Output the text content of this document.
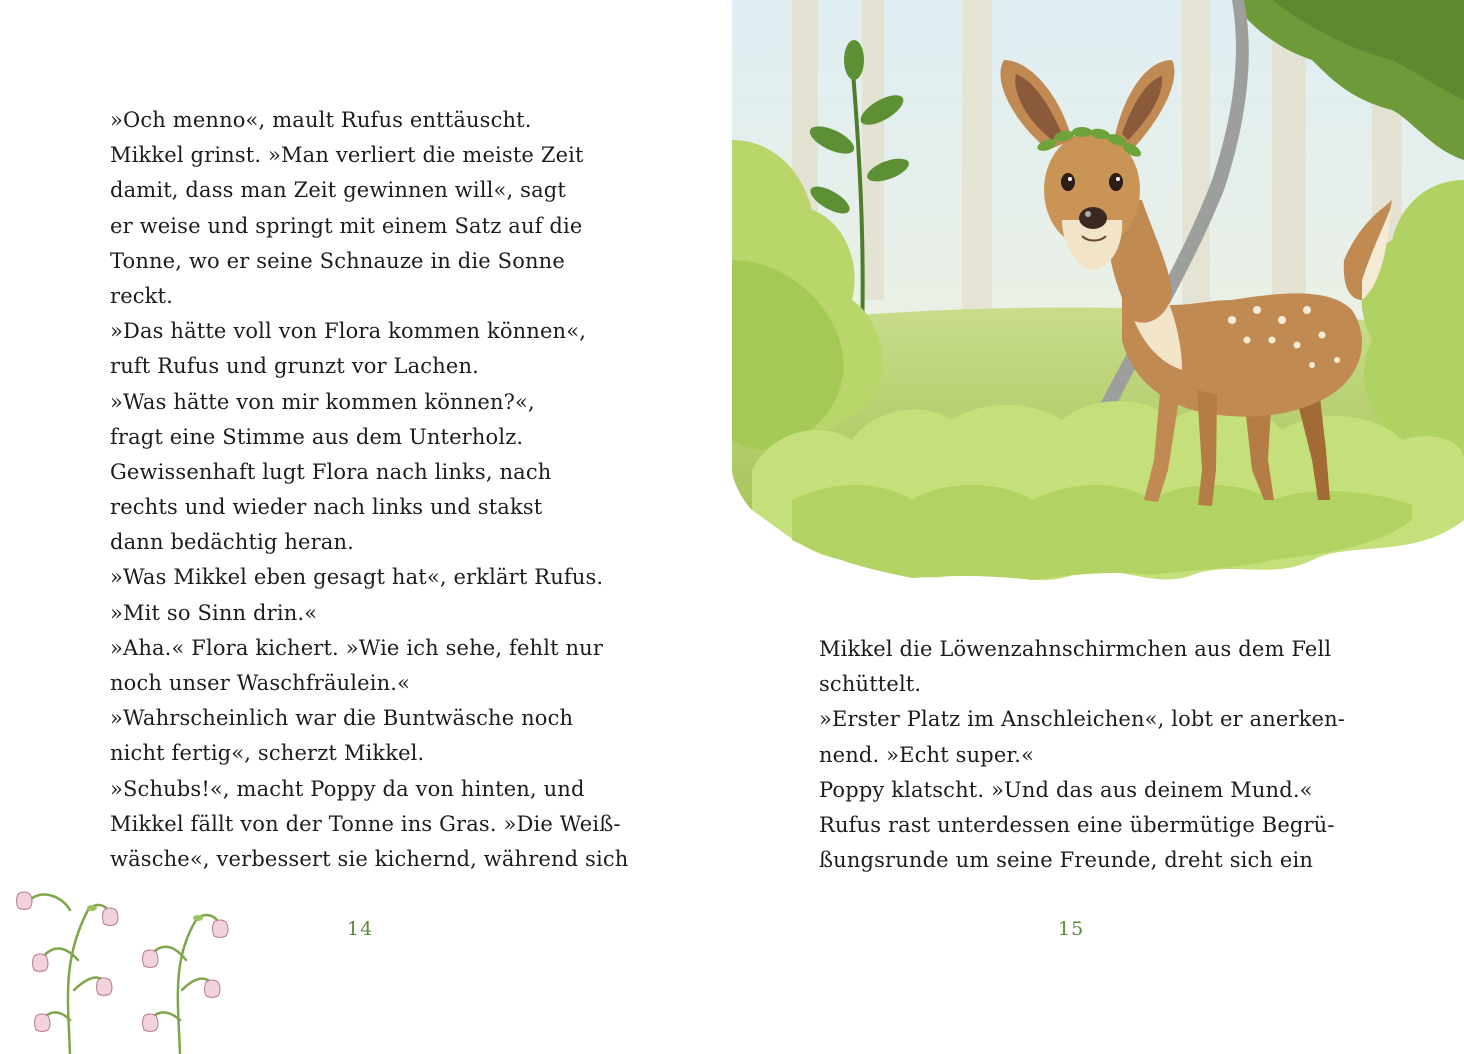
»Och menno«, mault Rufus enttäuscht.
Mikkel grinst. »Man verliert die meiste Zeit
damit, dass man Zeit gewinnen will«, sagt
er weise und springt mit einem Satz auf die
Tonne, wo er seine Schnauze in die Sonne
reckt.
»Das hätte voll von Flora kommen können«,
ruft Rufus und grunzt vor Lachen.
»Was hätte von mir kommen können?«,
fragt eine Stimme aus dem Unterholz.
Gewissenhaft lugt Flora nach links, nach
rechts und wieder nach links und stakst
dann bedächtig heran.
»Was Mikkel eben gesagt hat«, erklärt Rufus.
»Mit so Sinn drin.«
»Aha.« Flora kichert. »Wie ich sehe, fehlt nur
noch unser Waschfräulein.«
»Wahrscheinlich war die Buntwäsche noch
nicht fertig«, scherzt Mikkel.
»Schubs!«, macht Poppy da von hinten, und
Mikkel fällt von der Tonne ins Gras. »Die Weiß-
wäsche«, verbessert sie kichernd, während sich
14
Mikkel die Löwenzahnschirmchen aus dem Fell
schüttelt.
»Erster Platz im Anschleichen«, lobt er anerken-
nend. »Echt super.«
Poppy klatscht. »Und das aus deinem Mund.«
Rufus rast unterdessen eine übermütige Begrü-
ßungsrunde um seine Freunde, dreht sich ein
15
